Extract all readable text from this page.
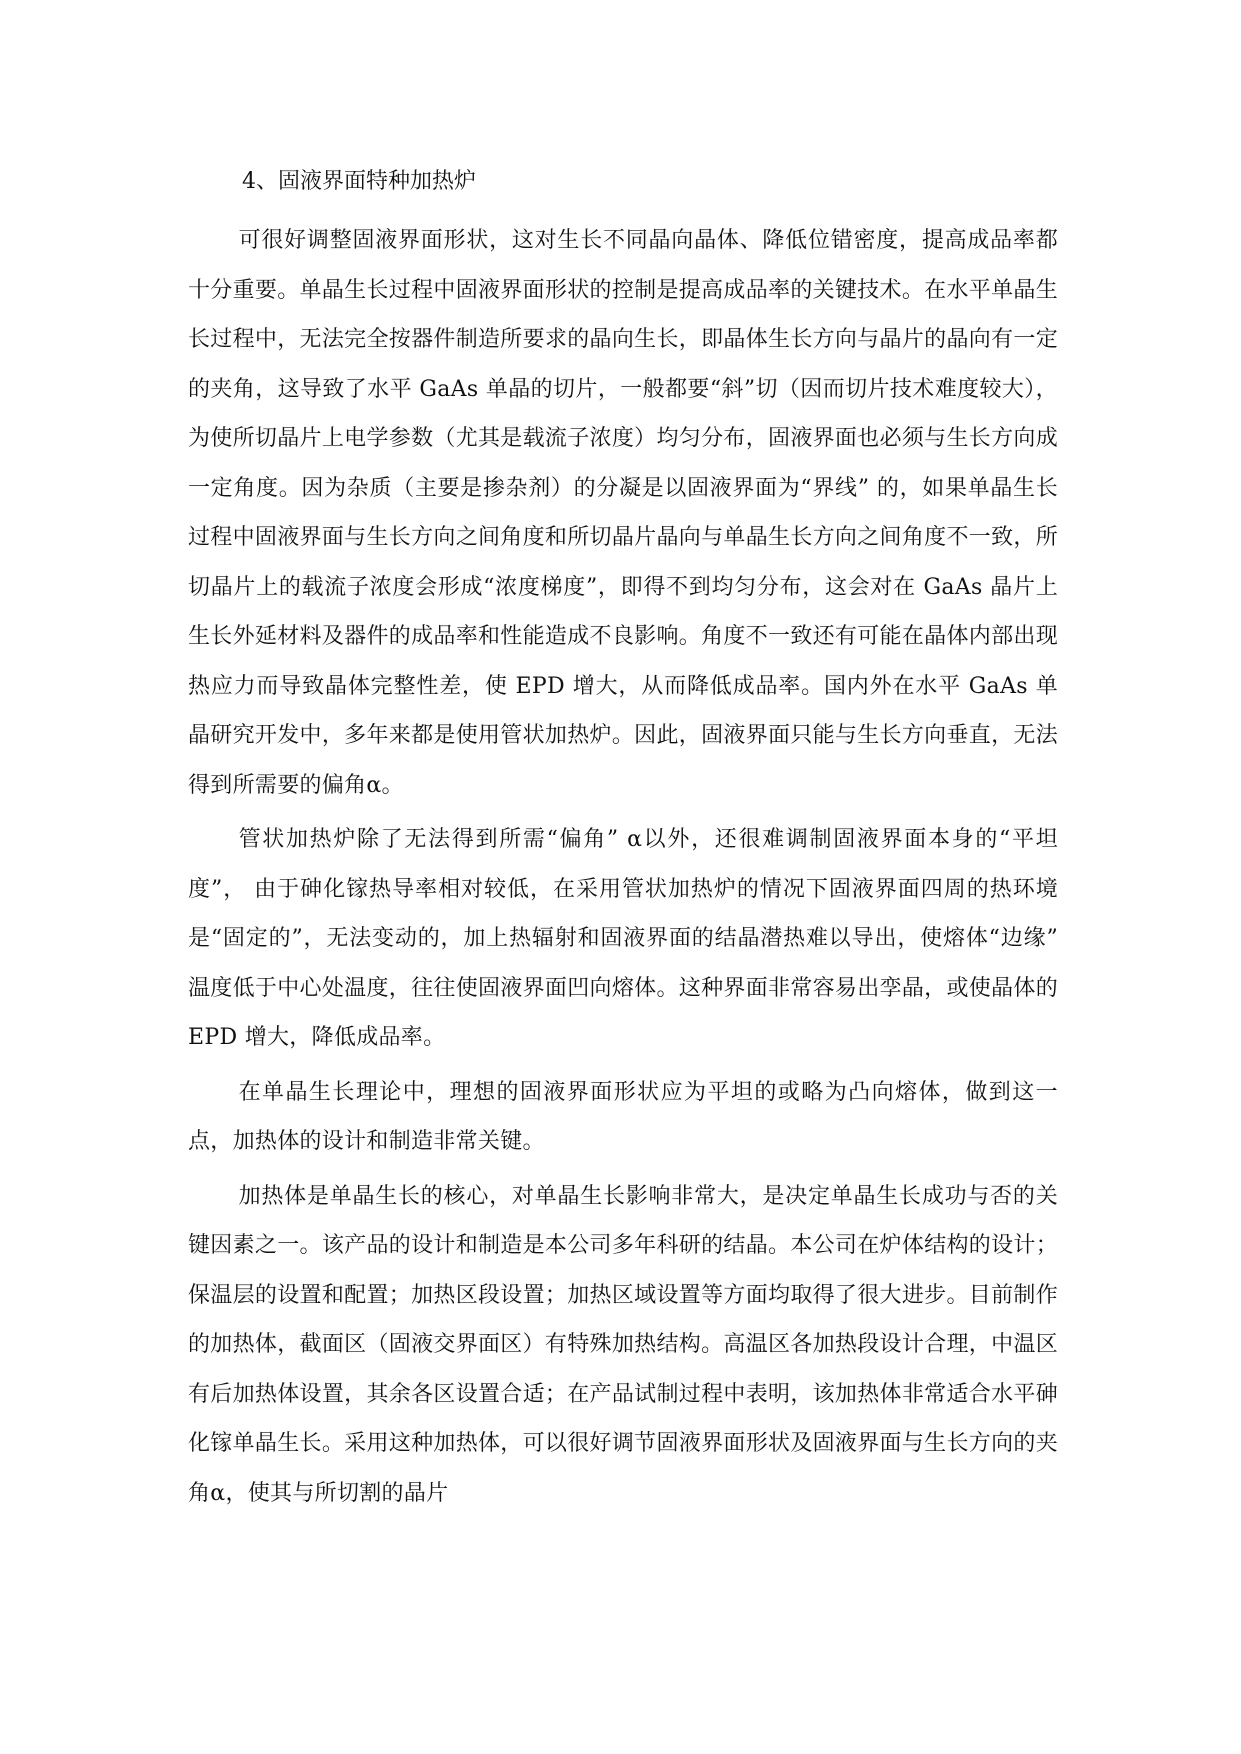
4、固液界面特种加热炉

可很好调整固液界面形状，这对生长不同晶向晶体、降低位错密度，提高成品率都十分重要。单晶生长过程中固液界面形状的控制是提高成品率的关键技术。在水平单晶生长过程中，无法完全按器件制造所要求的晶向生长，即晶体生长方向与晶片的晶向有一定的夹角，这导致了水平 GaAs 单晶的切片，一般都要“斜”切（因而切片技术难度较大），为使所切晶片上电学参数（尤其是载流子浓度）均匀分布，固液界面也必须与生长方向成一定角度。因为杂质（主要是掺杂剂）的分凝是以固液界面为“界线” 的，如果单晶生长过程中固液界面与生长方向之间角度和所切晶片晶向与单晶生长方向之间角度不一致，所切晶片上的载流子浓度会形成“浓度梯度”，即得不到均匀分布，这会对在 GaAs 晶片上生长外延材料及器件的成品率和性能造成不良影响。角度不一致还有可能在晶体内部出现热应力而导致晶体完整性差，使 EPD 增大，从而降低成品率。国内外在水平 GaAs 单晶研究开发中，多年来都是使用管状加热炉。因此，固液界面只能与生长方向垂直，无法得到所需要的偏角α。

管状加热炉除了无法得到所需“偏角” α以外，还很难调制固液界面本身的“平坦度”， 由于砷化镓热导率相对较低，在采用管状加热炉的情况下固液界面四周的热环境是“固定的”，无法变动的，加上热辐射和固液界面的结晶潜热难以导出，使熔体“边缘” 温度低于中心处温度，往往使固液界面凹向熔体。这种界面非常容易出孪晶，或使晶体的 EPD 增大，降低成品率。

在单晶生长理论中，理想的固液界面形状应为平坦的或略为凸向熔体，做到这一点，加热体的设计和制造非常关键。

加热体是单晶生长的核心，对单晶生长影响非常大，是决定单晶生长成功与否的关键因素之一。该产品的设计和制造是本公司多年科研的结晶。本公司在炉体结构的设计；保温层的设置和配置；加热区段设置；加热区域设置等方面均取得了很大进步。目前制作的加热体，截面区（固液交界面区）有特殊加热结构。高温区各加热段设计合理，中温区有后加热体设置，其余各区设置合适；在产品试制过程中表明，该加热体非常适合水平砷化镓单晶生长。采用这种加热体，可以很好调节固液界面形状及固液界面与生长方向的夹角α，使其与所切割的晶片
